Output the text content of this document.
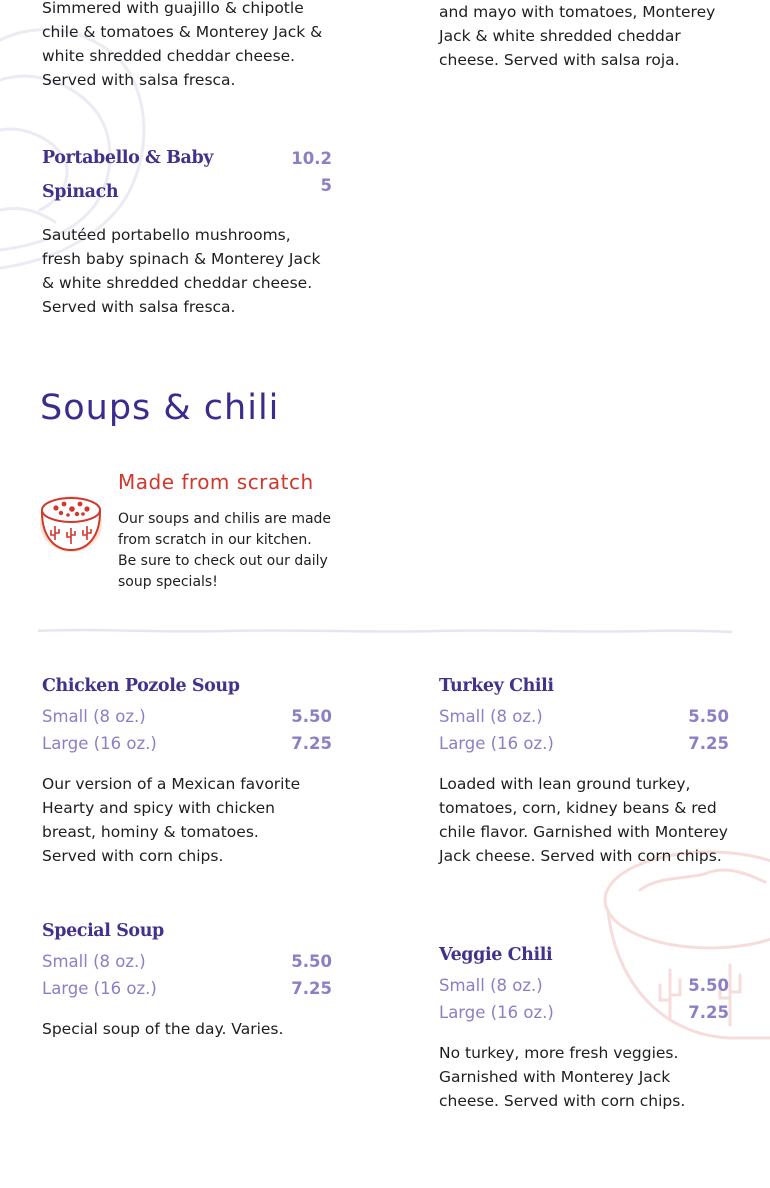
Simmered with guajillo & chipotle chile & tomatoes & Monterey Jack & white shredded cheddar cheese. Served with salsa fresca.

and mayo with tomatoes, Monterey Jack & white shredded cheddar cheese. Served with salsa roja.

Portabello & Baby
Spinach
10.2
5

Sautéed portabello mushrooms, fresh baby spinach & Monterey Jack & white shredded cheddar cheese. Served with salsa fresca.

Soups & chili
Made from scratch

Our soups and chilis are made from scratch in our kitchen. Be sure to check out our daily soup specials!

Chicken Pozole Soup
Small (8 oz.)	5.50
Large (16 oz.)	7.25

Our version of a Mexican favorite Hearty and spicy with chicken breast, hominy & tomatoes. Served with corn chips.

Turkey Chili
Small (8 oz.)	5.50
Large (16 oz.)	7.25

Loaded with lean ground turkey, tomatoes, corn, kidney beans & red chile flavor. Garnished with Monterey Jack cheese. Served with corn chips.

Special Soup
Small (8 oz.)	5.50
Large (16 oz.)	7.25

Special soup of the day. Varies.

Veggie Chili
Small (8 oz.)	5.50
Large (16 oz.)	7.25

No turkey, more fresh veggies. Garnished with Monterey Jack cheese. Served with corn chips.
